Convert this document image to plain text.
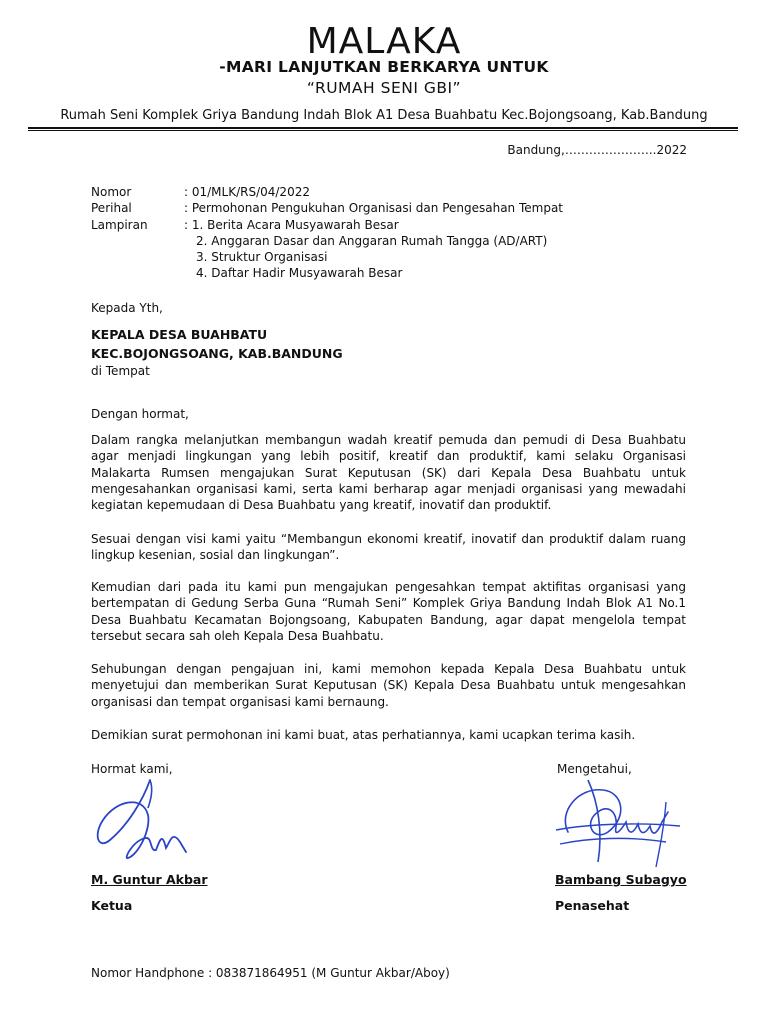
MALAKA
-MARI LANJUTKAN BERKARYA UNTUK
“RUMAH SENI GBI”
Rumah Seni Komplek Griya Bandung Indah Blok A1 Desa Buahbatu Kec.Bojongsoang, Kab.Bandung
Bandung,…………………..2022
Nomor	: 01/MLK/RS/04/2022
Perihal	: Permohonan Pengukuhan Organisasi dan Pengesahan Tempat
Lampiran	: 1. Berita Acara Musyawarah Besar
2. Anggaran Dasar dan Anggaran Rumah Tangga (AD/ART)
3. Struktur Organisasi
4. Daftar Hadir Musyawarah Besar
Kepada Yth,
KEPALA DESA BUAHBATU
KEC.BOJONGSOANG, KAB.BANDUNG
di Tempat
Dengan hormat,
Dalam rangka melanjutkan membangun wadah kreatif pemuda dan pemudi di Desa Buahbatu agar menjadi lingkungan yang lebih positif, kreatif dan produktif, kami selaku Organisasi Malakarta Rumsen mengajukan Surat Keputusan (SK) dari Kepala Desa Buahbatu untuk mengesahankan organisasi kami, serta kami berharap agar menjadi organisasi yang mewadahi kegiatan kepemudaan di Desa Buahbatu yang kreatif, inovatif dan produktif.
Sesuai dengan visi kami yaitu “Membangun ekonomi kreatif, inovatif dan produktif dalam ruang lingkup kesenian, sosial dan lingkungan”.
Kemudian dari pada itu kami pun mengajukan pengesahkan tempat aktifitas organisasi yang bertempatan di Gedung Serba Guna “Rumah Seni” Komplek Griya Bandung Indah Blok A1 No.1 Desa Buahbatu Kecamatan Bojongsoang, Kabupaten Bandung, agar dapat mengelola tempat tersebut secara sah oleh Kepala Desa Buahbatu.
Sehubungan dengan pengajuan ini, kami memohon kepada Kepala Desa Buahbatu untuk menyetujui dan memberikan Surat Keputusan (SK) Kepala Desa Buahbatu untuk mengesahkan organisasi dan tempat organisasi kami bernaung.
Demikian surat permohonan ini kami buat, atas perhatiannya, kami ucapkan terima kasih.
Hormat kami,	Mengetahui,
M. Guntur Akbar
Ketua
Bambang Subagyo
Penasehat
Nomor Handphone : 083871864951 (M Guntur Akbar/Aboy)
